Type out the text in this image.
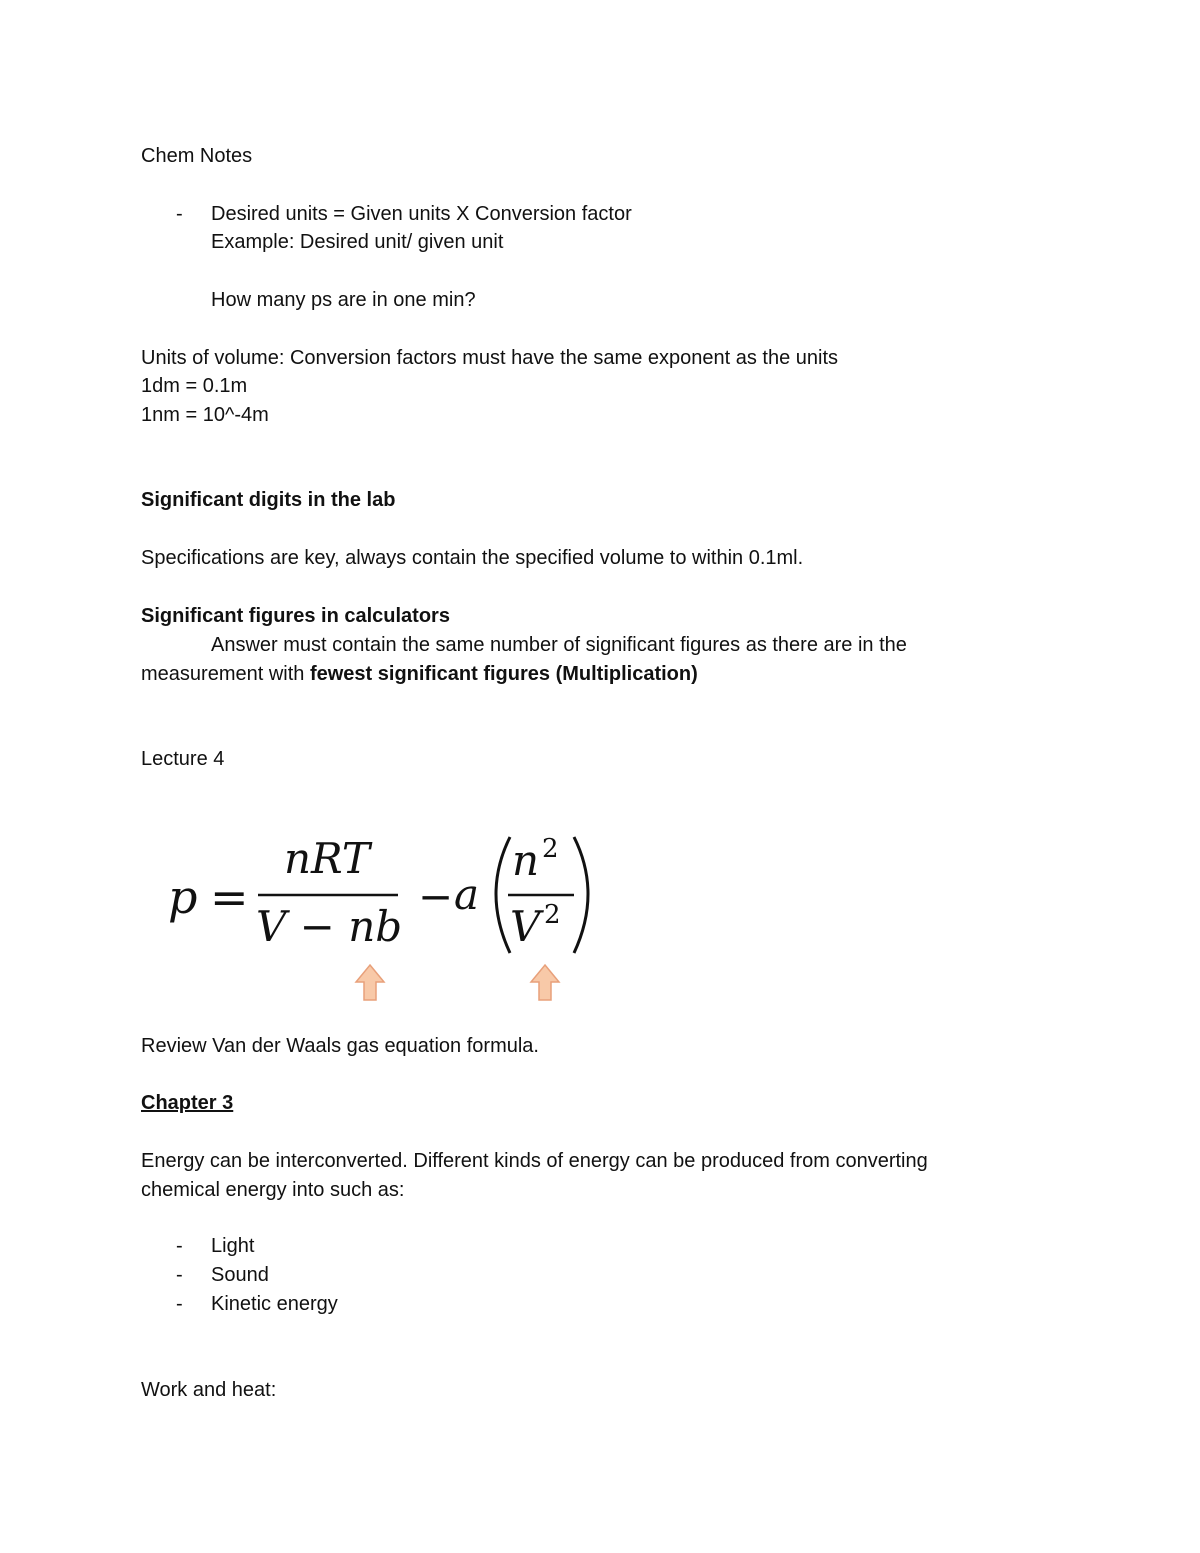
Chem Notes
- Desired units = Given units X Conversion factor
Example: Desired unit/ given unit
How many ps are in one min?
Units of volume: Conversion factors must have the same exponent as the units
1dm = 0.1m
1nm = 10^-4m
Significant digits in the lab
Specifications are key, always contain the specified volume to within 0.1ml.
Significant figures in calculators
Answer must contain the same number of significant figures as there are in the
measurement with fewest significant figures (Multiplication)
Lecture 4
p =
nRT
V − nb
− a
n 2
V 2
Review Van der Waals gas equation formula.
Chapter 3
Energy can be interconverted. Different kinds of energy can be produced from converting
chemical energy into such as:
- Light
- Sound
- Kinetic energy
Work and heat:
